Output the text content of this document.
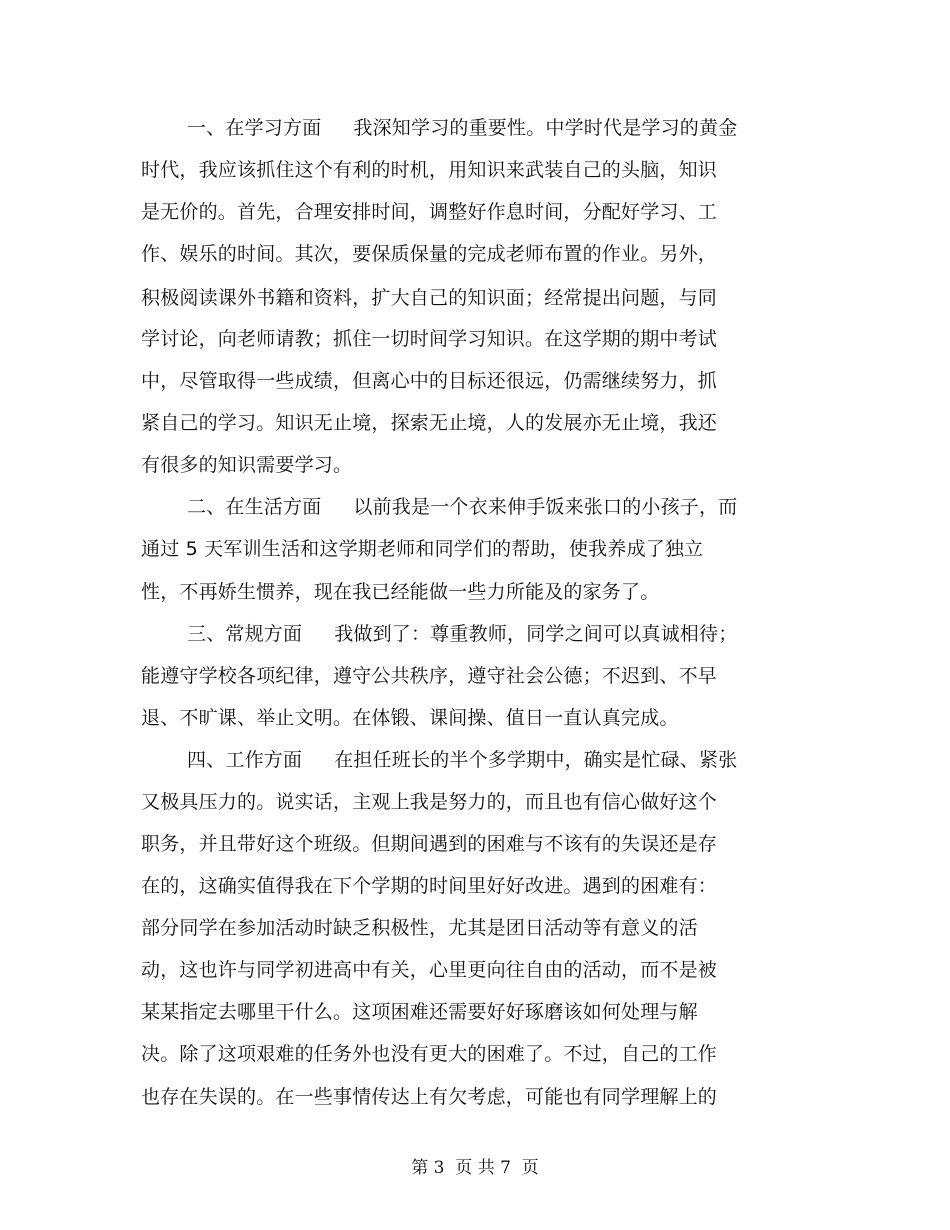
一、在学习方面 我深知学习的重要性。中学时代是学习的黄金
时代，我应该抓住这个有利的时机，用知识来武装自己的头脑，知识
是无价的。首先，合理安排时间，调整好作息时间，分配好学习、工
作、娱乐的时间。其次，要保质保量的完成老师布置的作业。另外，
积极阅读课外书籍和资料，扩大自己的知识面；经常提出问题，与同
学讨论，向老师请教；抓住一切时间学习知识。在这学期的期中考试
中，尽管取得一些成绩，但离心中的目标还很远，仍需继续努力，抓
紧自己的学习。知识无止境，探索无止境，人的发展亦无止境，我还
有很多的知识需要学习。
二、在生活方面 以前我是一个衣来伸手饭来张口的小孩子，而
通过 5 天军训生活和这学期老师和同学们的帮助，使我养成了独立
性，不再娇生惯养，现在我已经能做一些力所能及的家务了。
三、常规方面 我做到了：尊重教师，同学之间可以真诚相待；
能遵守学校各项纪律，遵守公共秩序，遵守社会公德；不迟到、不早
退、不旷课、举止文明。在体锻、课间操、值日一直认真完成。
四、工作方面 在担任班长的半个多学期中，确实是忙碌、紧张
又极具压力的。说实话，主观上我是努力的，而且也有信心做好这个
职务，并且带好这个班级。但期间遇到的困难与不该有的失误还是存
在的，这确实值得我在下个学期的时间里好好改进。遇到的困难有：
部分同学在参加活动时缺乏积极性，尤其是团日活动等有意义的活
动，这也许与同学初进高中有关，心里更向往自由的活动，而不是被
某某指定去哪里干什么。这项困难还需要好好琢磨该如何处理与解
决。除了这项艰难的任务外也没有更大的困难了。不过，自己的工作
也存在失误的。在一些事情传达上有欠考虑，可能也有同学理解上的
第 3  页 共 7  页
